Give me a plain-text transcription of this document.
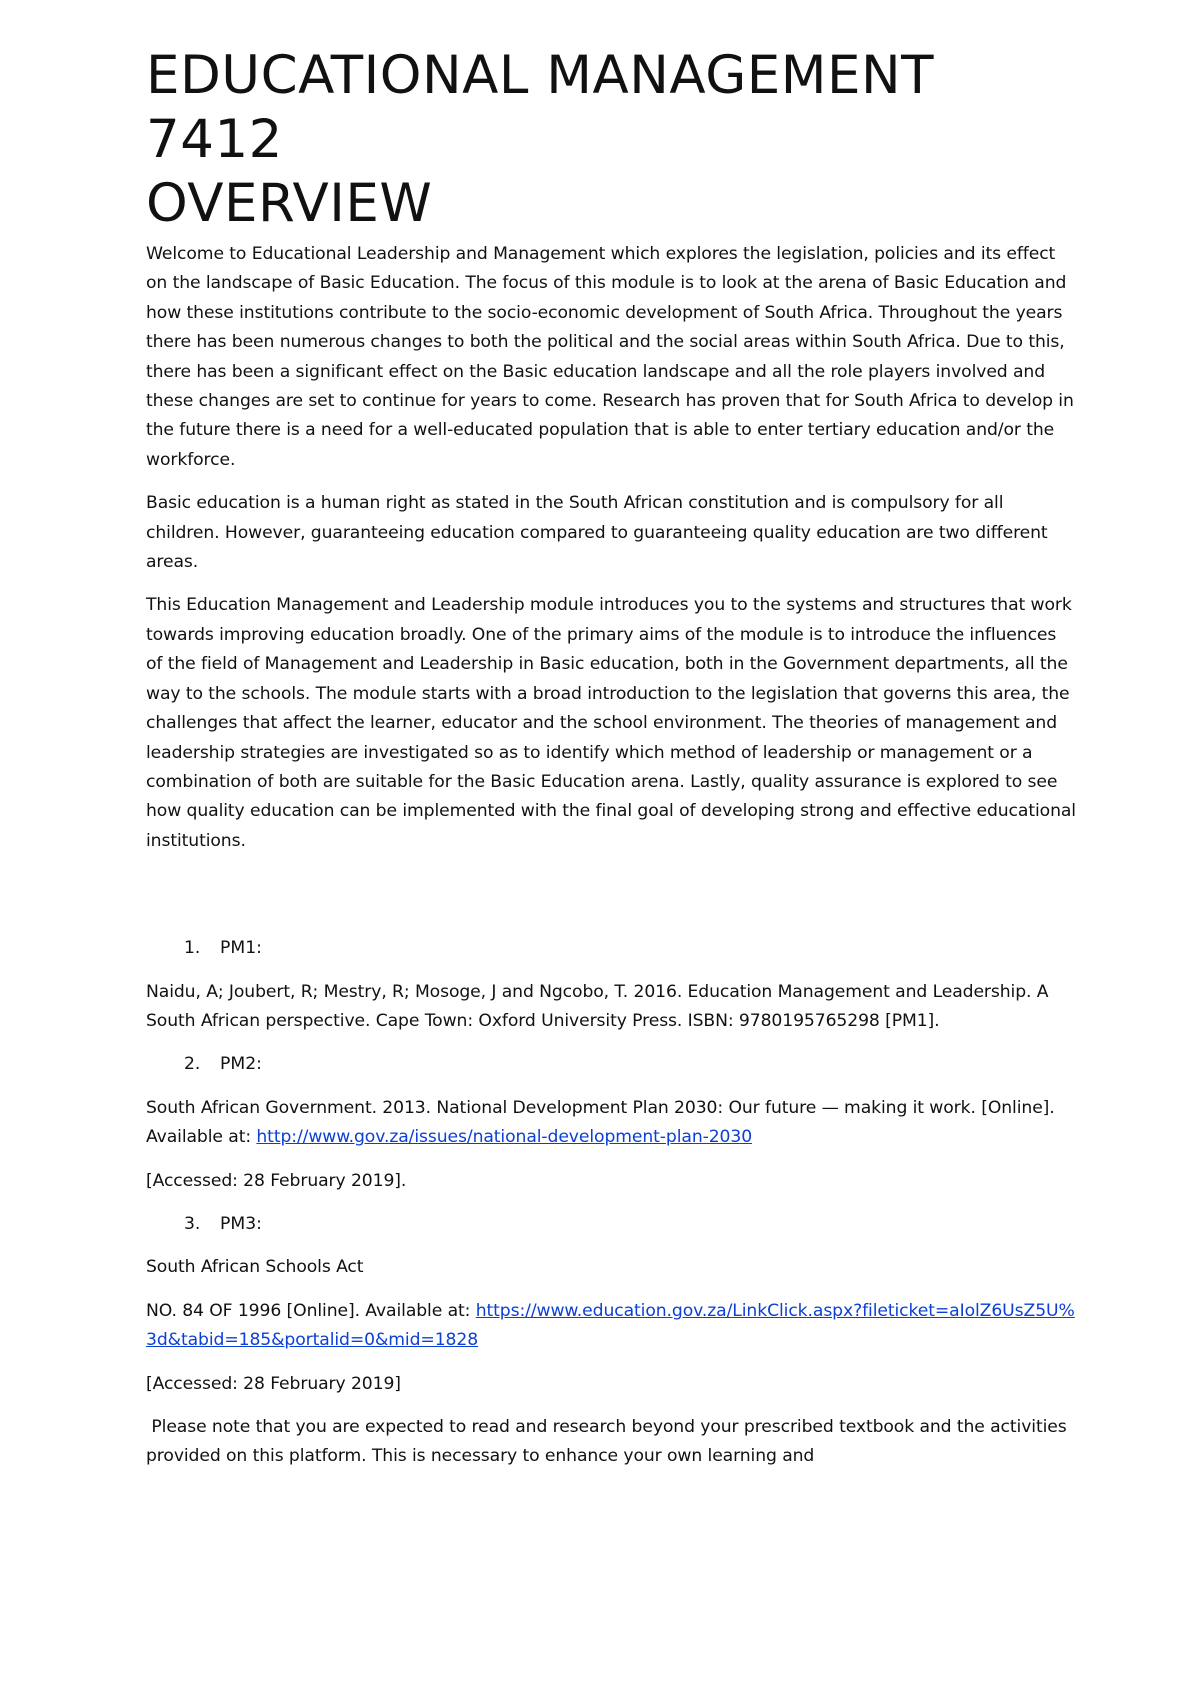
EDUCATIONAL MANAGEMENT
7412
OVERVIEW

Welcome to Educational Leadership and Management which explores the legislation, policies and its effect on the landscape of Basic Education. The focus of this module is to look at the arena of Basic Education and how these institutions contribute to the socio-economic development of South Africa. Throughout the years there has been numerous changes to both the political and the social areas within South Africa. Due to this, there has been a significant effect on the Basic education landscape and all the role players involved and these changes are set to continue for years to come. Research has proven that for South Africa to develop in the future there is a need for a well-educated population that is able to enter tertiary education and/or the workforce.

Basic education is a human right as stated in the South African constitution and is compulsory for all children. However, guaranteeing education compared to guaranteeing quality education are two different areas.

This Education Management and Leadership module introduces you to the systems and structures that work towards improving education broadly. One of the primary aims of the module is to introduce the influences of the field of Management and Leadership in Basic education, both in the Government departments, all the way to the schools. The module starts with a broad introduction to the legislation that governs this area, the challenges that affect the learner, educator and the school environment. The theories of management and leadership strategies are investigated so as to identify which method of leadership or management or a combination of both are suitable for the Basic Education arena. Lastly, quality assurance is explored to see how quality education can be implemented with the final goal of developing strong and effective educational institutions.

1. PM1:

Naidu, A; Joubert, R; Mestry, R; Mosoge, J and Ngcobo, T. 2016. Education Management and Leadership. A South African perspective. Cape Town: Oxford University Press. ISBN: 9780195765298 [PM1].

2. PM2:

South African Government. 2013. National Development Plan 2030: Our future — making it work. [Online]. Available at: http://www.gov.za/issues/national-development-plan-2030

[Accessed: 28 February 2019].

3. PM3:

South African Schools Act

NO. 84 OF 1996 [Online]. Available at: https://www.education.gov.za/LinkClick.aspx?fileticket=aIolZ6UsZ5U%3d&tabid=185&portalid=0&mid=1828

[Accessed: 28 February 2019]

Please note that you are expected to read and research beyond your prescribed textbook and the activities provided on this platform. This is necessary to enhance your own learning and
